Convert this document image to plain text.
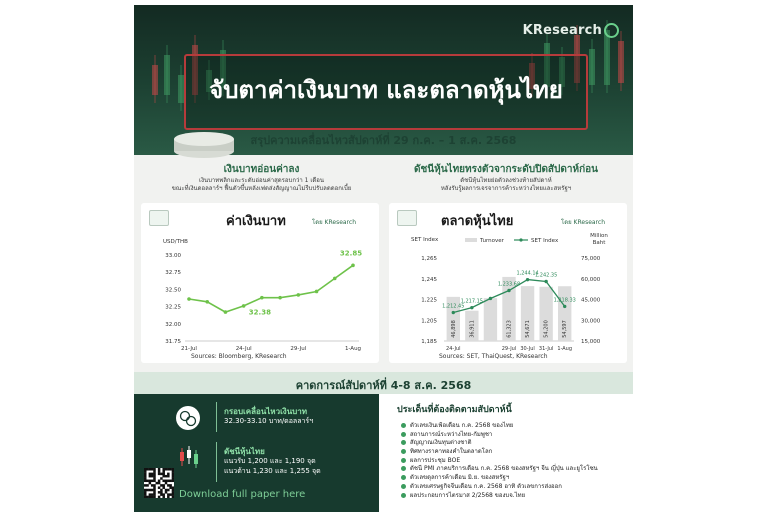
KResearch
จับตาค่าเงินบาท และตลาดหุ้นไทย
สรุปความเคลื่อนไหวสัปดาห์ที่ 29 ก.ค. – 1 ส.ค. 2568
เงินบาทอ่อนค่าลง
เงินบาทพลิกและระดับอ่อนค่าสุดรอบกว่า 1 เดือน
ขณะที่เงินดอลลาร์ฯ ฟื้นตัวขึ้นหลังเฟดส่งสัญญาณไม่รีบปรับลดดอกเบี้ย
ดัชนีหุ้นไทยทรงตัวจากระดับปิดสัปดาห์ก่อน
ดัชนีหุ้นไทยย่อตัวลงช่วงท้ายสัปดาห์
หลังรับรู้ผลการเจรจาการค้าระหว่างไทยและสหรัฐฯ
ค่าเงินบาท	โดย KResearch
USD/THB
33.00
32.75
32.50
32.25
32.00
31.75
21-Jul	24-Jul	29-Jul	1-Aug
32.85
32.38
Sources: Bloomberg, KResearch
ตลาดหุ้นไทย	โดย KResearch
SET Index
Million
Baht
Turnover	SET Index
1,265
1,245
1,225
1,205
1,185
75,000
60,000
45,000
30,000
15,000
46,898	36,911	61,323	54,671	54,200	54,597
1,212.45
1,217.15
1,233.68
1,244.14
1,242.35
1,218.33
24-Jul	29-Jul 30-Jul 31-Jul 1-Aug
Sources: SET, ThaiQuest, KResearch
คาดการณ์สัปดาห์ที่ 4-8 ส.ค. 2568
กรอบเคลื่อนไหวเงินบาท
32.30-33.10 บาท/ดอลลาร์ฯ
ดัชนีหุ้นไทย
แนวรับ 1,200 และ 1,190 จุด
แนวต้าน 1,230 และ 1,255 จุด
Download full paper here
ประเด็นที่ต้องติดตามสัปดาห์นี้
ตัวเลขเงินเฟ้อเดือน ก.ค. 2568 ของไทย
สถานการณ์ระหว่างไทย-กัมพูชา
สัญญาณเงินทุนต่างชาติ
ทิศทางราคาทองคำในตลาดโลก
ผลการประชุม BOE
ดัชนี PMI ภาคบริการเดือน ก.ค. 2568 ของสหรัฐฯ จีน ญี่ปุ่น และยูโรโซน
ตัวเลขดุลการค้าเดือน มิ.ย. ของสหรัฐฯ
ตัวเลขเศรษฐกิจจีนเดือน ก.ค. 2568 อาทิ ตัวเลขการส่งออก
ผลประกอบการไตรมาส 2/2568 ของบจ.ไทย
